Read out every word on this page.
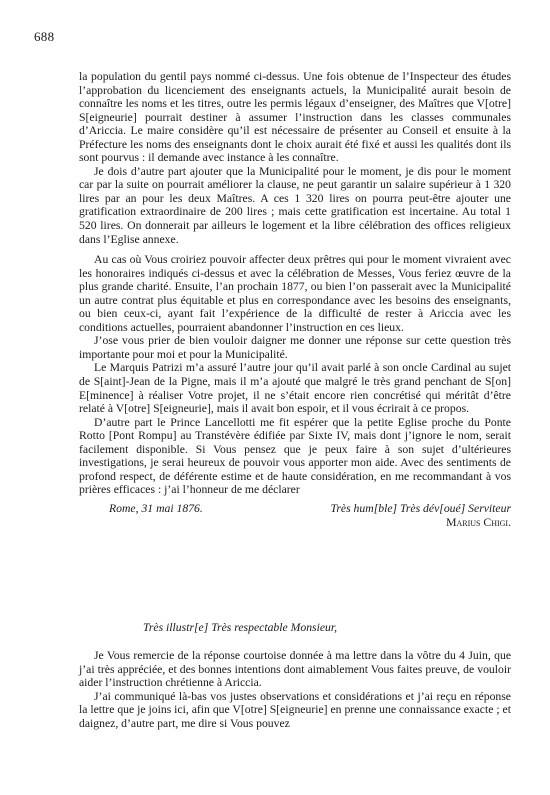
688

la population du gentil pays nommé ci-dessus. Une fois obtenue de l’Inspecteur des études l’approbation du licenciement des enseignants actuels, la Municipalité aurait besoin de connaître les noms et les titres, outre les permis légaux d’enseigner, des Maîtres que V[otre] S[eigneurie] pourrait destiner à assumer l’instruction dans les classes communales d’Ariccia. Le maire considère qu’il est nécessaire de présenter au Conseil et ensuite à la Préfecture les noms des enseignants dont le choix aurait été fixé et aussi les qualités dont ils sont pourvus : il demande avec instance à les connaître.

Je dois d’autre part ajouter que la Municipalité pour le moment, je dis pour le moment car par la suite on pourrait améliorer la clause, ne peut garantir un salaire supérieur à 1 320 lires par an pour les deux Maîtres. A ces 1 320 lires on pourra peut-être ajouter une gratification extraordinaire de 200 lires ; mais cette gratification est incertaine. Au total 1 520 lires. On donnerait par ailleurs le logement et la libre célébration des offices religieux dans l’Eglise annexe.

Au cas où Vous croiriez pouvoir affecter deux prêtres qui pour le moment vivraient avec les honoraires indiqués ci-dessus et avec la célébration de Messes, Vous feriez œuvre de la plus grande charité. Ensuite, l’an prochain 1877, ou bien l’on passerait avec la Municipalité un autre contrat plus équitable et plus en correspondance avec les besoins des enseignants, ou bien ceux-ci, ayant fait l’expérience de la difficulté de rester à Ariccia avec les conditions actuelles, pourraient abandonner l’instruction en ces lieux.

J’ose vous prier de bien vouloir daigner me donner une réponse sur cette question très importante pour moi et pour la Municipalité.

Le Marquis Patrizi m’a assuré l’autre jour qu’il avait parlé à son oncle Cardinal au sujet de S[aint]-Jean de la Pigne, mais il m’a ajouté que malgré le très grand penchant de S[on] E[minence] à réaliser Votre projet, il ne s’était encore rien concrétisé qui méritât d’être relaté à V[otre] S[eigneurie], mais il avait bon espoir, et il vous écrirait à ce propos.

D’autre part le Prince Lancellotti me fit espérer que la petite Eglise proche du Ponte Rotto [Pont Rompu] au Transtévère édifiée par Sixte IV, mais dont j’ignore le nom, serait facilement disponible. Si Vous pensez que je peux faire à son sujet d’ultérieures investigations, je serai heureux de pouvoir vous apporter mon aide. Avec des sentiments de profond respect, de déférente estime et de haute considération, en me recommandant à vos prières efficaces : j’ai l’honneur de me déclarer

Rome, 31 mai 1876.	Très hum[ble] Très dév[oué] Serviteur
Marius Chigi.
Très illustr[e] Très respectable Monsieur,

Je Vous remercie de la réponse courtoise donnée à ma lettre dans la vôtre du 4 Juin, que j’ai très appréciée, et des bonnes intentions dont aimablement Vous faites preuve, de vouloir aider l’instruction chrétienne à Ariccia.

J’ai communiqué là-bas vos justes observations et considérations et j’ai reçu en réponse la lettre que je joins ici, afin que V[otre] S[eigneurie] en prenne une connaissance exacte ; et daignez, d’autre part, me dire si Vous pouvez
